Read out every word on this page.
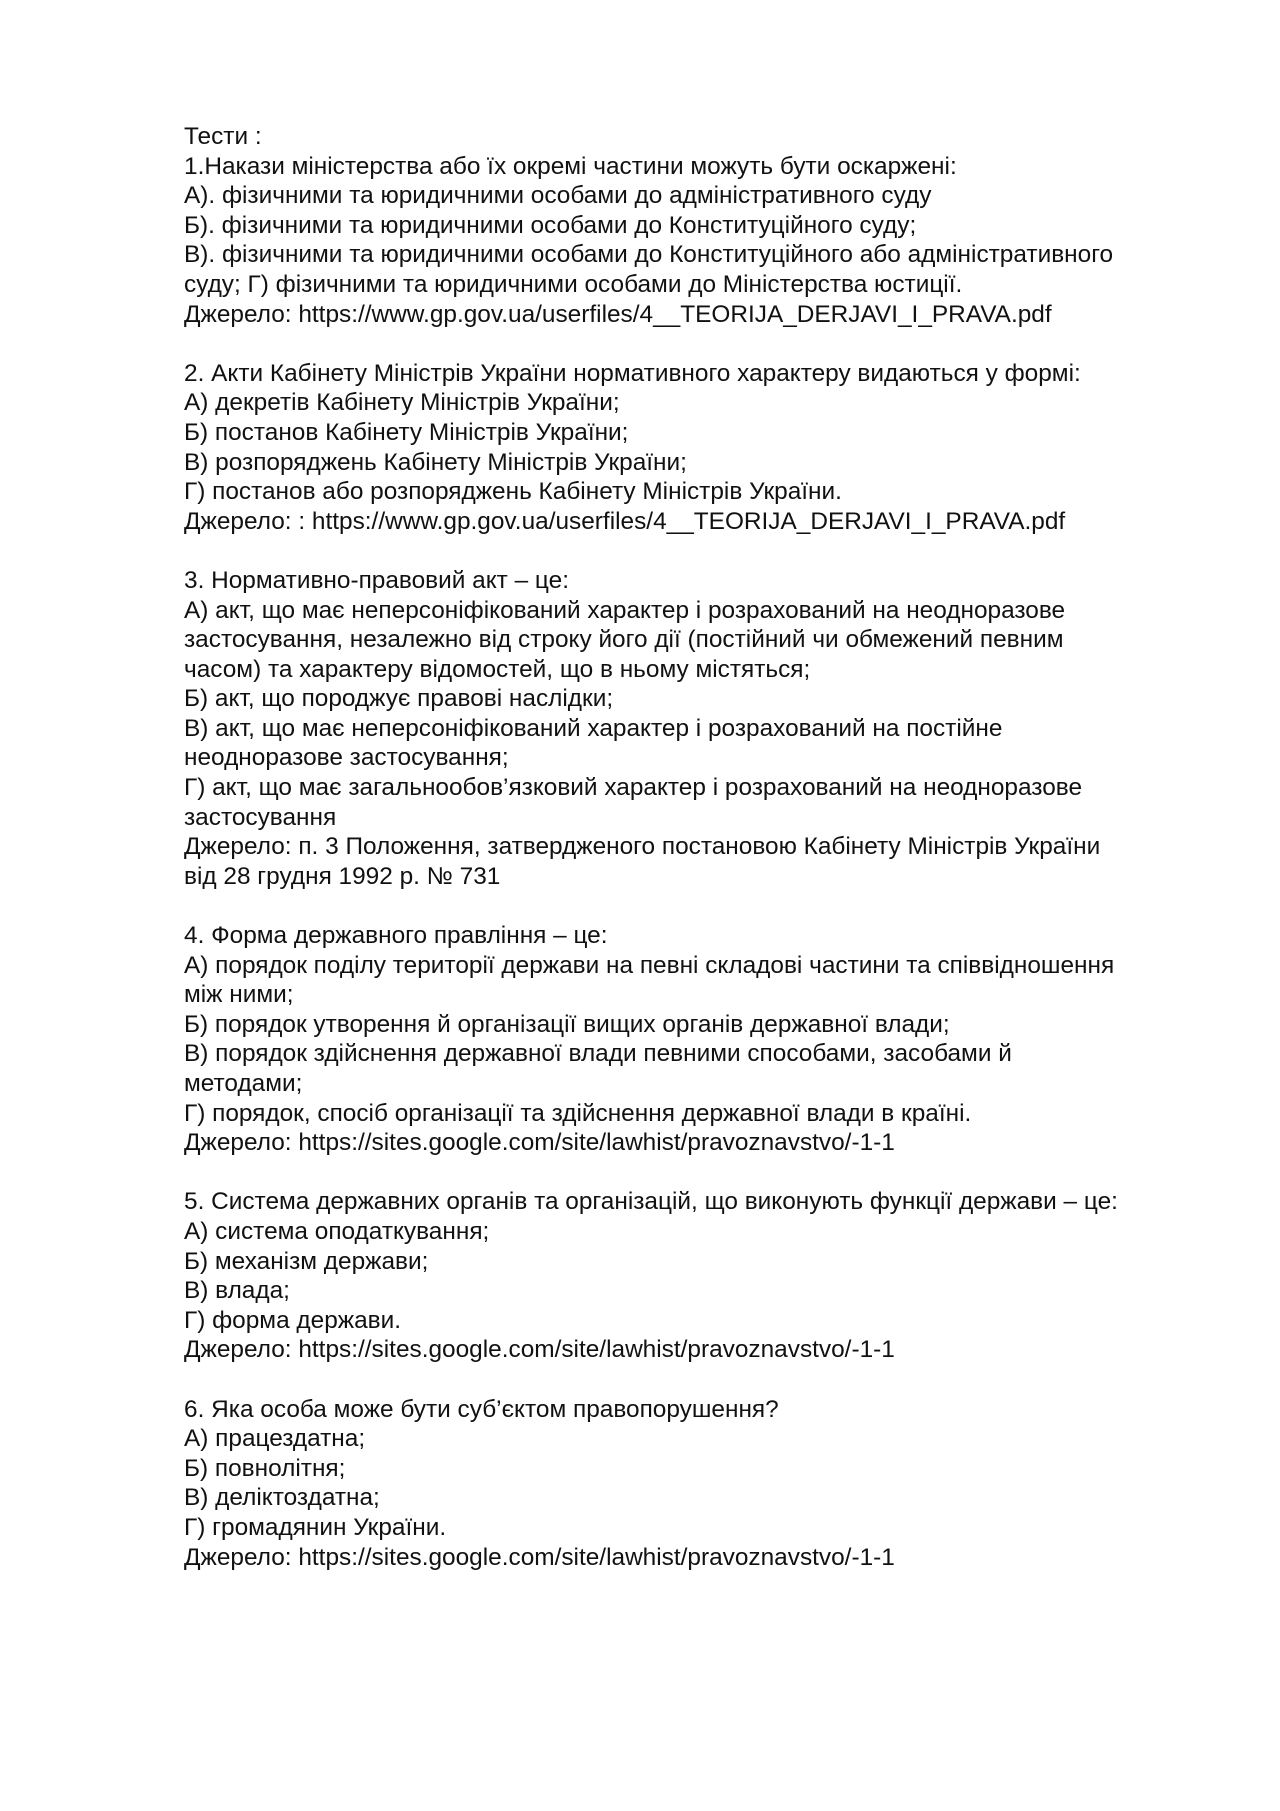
Тести :

1.Накази міністерства або їх окремі частини можуть бути оскаржені:

А). фізичними та юридичними особами до адміністративного суду

Б). фізичними та юридичними особами до Конституційного суду;

В). фізичними та юридичними особами до Конституційного або адміністративного

суду; Г) фізичними та юридичними особами до Міністерства юстиції.

Джерело: https://www.gp.gov.ua/userfiles/4__TEORIJA_DERJAVI_I_PRAVA.pdf

2. Акти Кабінету Міністрів України нормативного характеру видаються у формі:

А) декретів Кабінету Міністрів України;

Б) постанов Кабінету Міністрів України;

В) розпоряджень Кабінету Міністрів України;

Г) постанов або розпоряджень Кабінету Міністрів України.

Джерело: : https://www.gp.gov.ua/userfiles/4__TEORIJA_DERJAVI_I_PRAVA.pdf

3. Нормативно-правовий акт – це:

А) акт, що має неперсоніфікований характер і розрахований на неодноразове

застосування, незалежно від строку його дії (постійний чи обмежений певним

часом) та характеру відомостей, що в ньому містяться;

Б) акт, що породжує правові наслідки;

В) акт, що має неперсоніфікований характер і розрахований на постійне

неодноразове застосування;

Г) акт, що має загальнообов’язковий характер і розрахований на неодноразове

застосування

Джерело: п. 3 Положення, затвердженого постановою Кабінету Міністрів України

від 28 грудня 1992 р. № 731

4. Форма державного правління – це:

А) порядок поділу території держави на певні складові частини та співвідношення

між ними;

Б) порядок утворення й організації вищих органів державної влади;

В) порядок здійснення державної влади певними способами, засобами й

методами;

Г) порядок, спосіб організації та здійснення державної влади в країні.

Джерело: https://sites.google.com/site/lawhist/pravoznavstvo/-1-1

5. Система державних органів та організацій, що виконують функції держави – це:

А) система оподаткування;

Б) механізм держави;

В) влада;

Г) форма держави.

Джерело: https://sites.google.com/site/lawhist/pravoznavstvo/-1-1

6. Яка особа може бути суб’єктом правопорушення?

А) працездатна;

Б) повнолітня;

В) деліктоздатна;

Г) громадянин України.

Джерело: https://sites.google.com/site/lawhist/pravoznavstvo/-1-1
